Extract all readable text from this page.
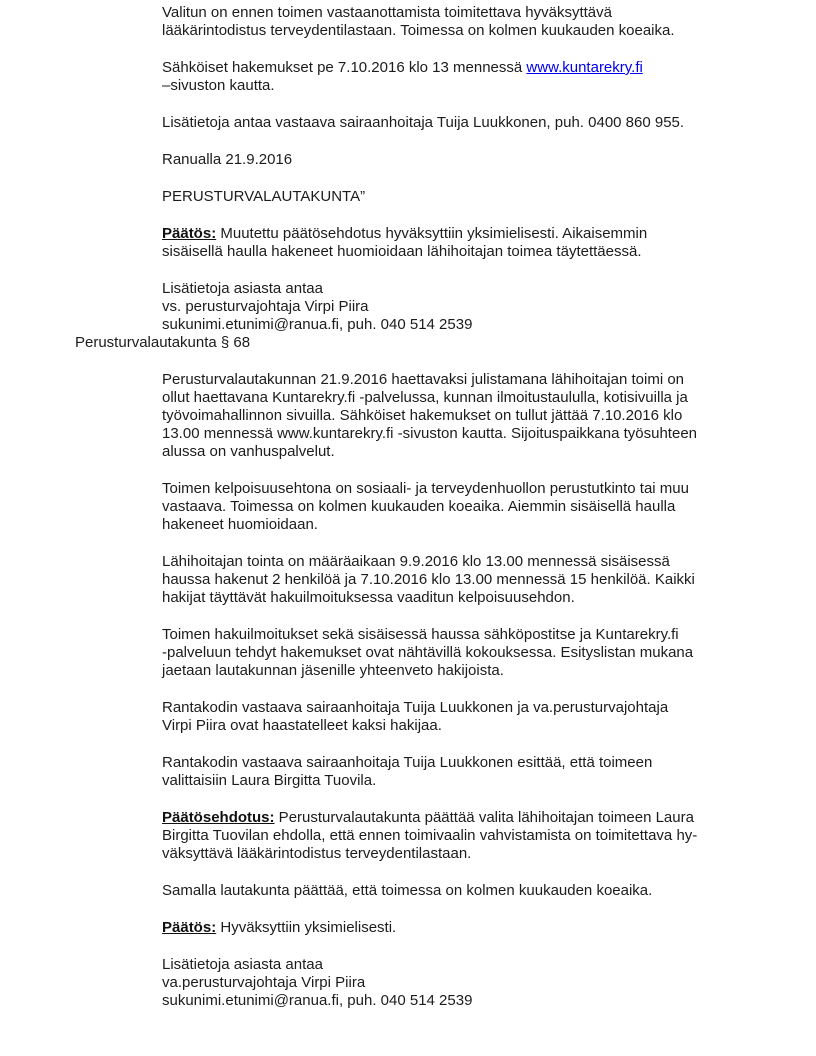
Valitun on ennen toimen vastaanottamista toimitettava hyväksyttävä
lääkärintodistus terveydentilastaan. Toimessa on kolmen kuukauden koeaika.
Sähköiset hakemukset pe 7.10.2016 klo 13 mennessä www.kuntarekry.fi
–sivuston kautta.
Lisätietoja antaa vastaava sairaanhoitaja Tuija Luukkonen, puh. 0400 860 955.
Ranualla 21.9.2016
PERUSTURVALAUTAKUNTA”
Päätös: Muutettu päätösehdotus hyväksyttiin yksimielisesti. Aikaisemmin
sisäisellä haulla hakeneet huomioidaan lähihoitajan toimea täytettäessä.
Lisätietoja asiasta antaa
vs. perusturvajohtaja Virpi Piira
sukunimi.etunimi@ranua.fi, puh. 040 514 2539
Perusturvalautakunta § 68
Perusturvalautakunnan 21.9.2016 haettavaksi julistamana lähihoitajan toimi on
ollut haettavana Kuntarekry.fi -palvelussa, kunnan ilmoitustaululla, kotisivuilla ja
työvoimahallinnon sivuilla. Sähköiset hakemukset on tullut jättää 7.10.2016 klo
13.00 mennessä www.kuntarekry.fi -sivuston kautta. Sijoituspaikkana työsuhteen
alussa on vanhuspalvelut.
Toimen kelpoisuusehtona on sosiaali- ja terveydenhuollon perustutkinto tai muu
vastaava. Toimessa on kolmen kuukauden koeaika. Aiemmin sisäisellä haulla
hakeneet huomioidaan.
Lähihoitajan tointa on määräaikaan 9.9.2016 klo 13.00 mennessä sisäisessä
haussa hakenut 2 henkilöä ja 7.10.2016 klo 13.00 mennessä 15 henkilöä. Kaikki
hakijat täyttävät hakuilmoituksessa vaaditun kelpoisuusehdon.
Toimen hakuilmoitukset sekä sisäisessä haussa sähköpostitse ja Kuntarekry.fi
-palveluun tehdyt hakemukset ovat nähtävillä kokouksessa. Esityslistan mukana
jaetaan lautakunnan jäsenille yhteenveto hakijoista.
Rantakodin vastaava sairaanhoitaja Tuija Luukkonen ja va.perusturvajohtaja
Virpi Piira ovat haastatelleet kaksi hakijaa.
Rantakodin vastaava sairaanhoitaja Tuija Luukkonen esittää, että toimeen
valittaisiin Laura Birgitta Tuovila.
Päätösehdotus: Perusturvalautakunta päättää valita lähihoitajan toimeen Laura
Birgitta Tuovilan ehdolla, että ennen toimivaalin vahvistamista on toimitettava hy-
väksyttävä lääkärintodistus terveydentilastaan.
Samalla lautakunta päättää, että toimessa on kolmen kuukauden koeaika.
Päätös: Hyväksyttiin yksimielisesti.
Lisätietoja asiasta antaa
va.perusturvajohtaja Virpi Piira
sukunimi.etunimi@ranua.fi, puh. 040 514 2539
